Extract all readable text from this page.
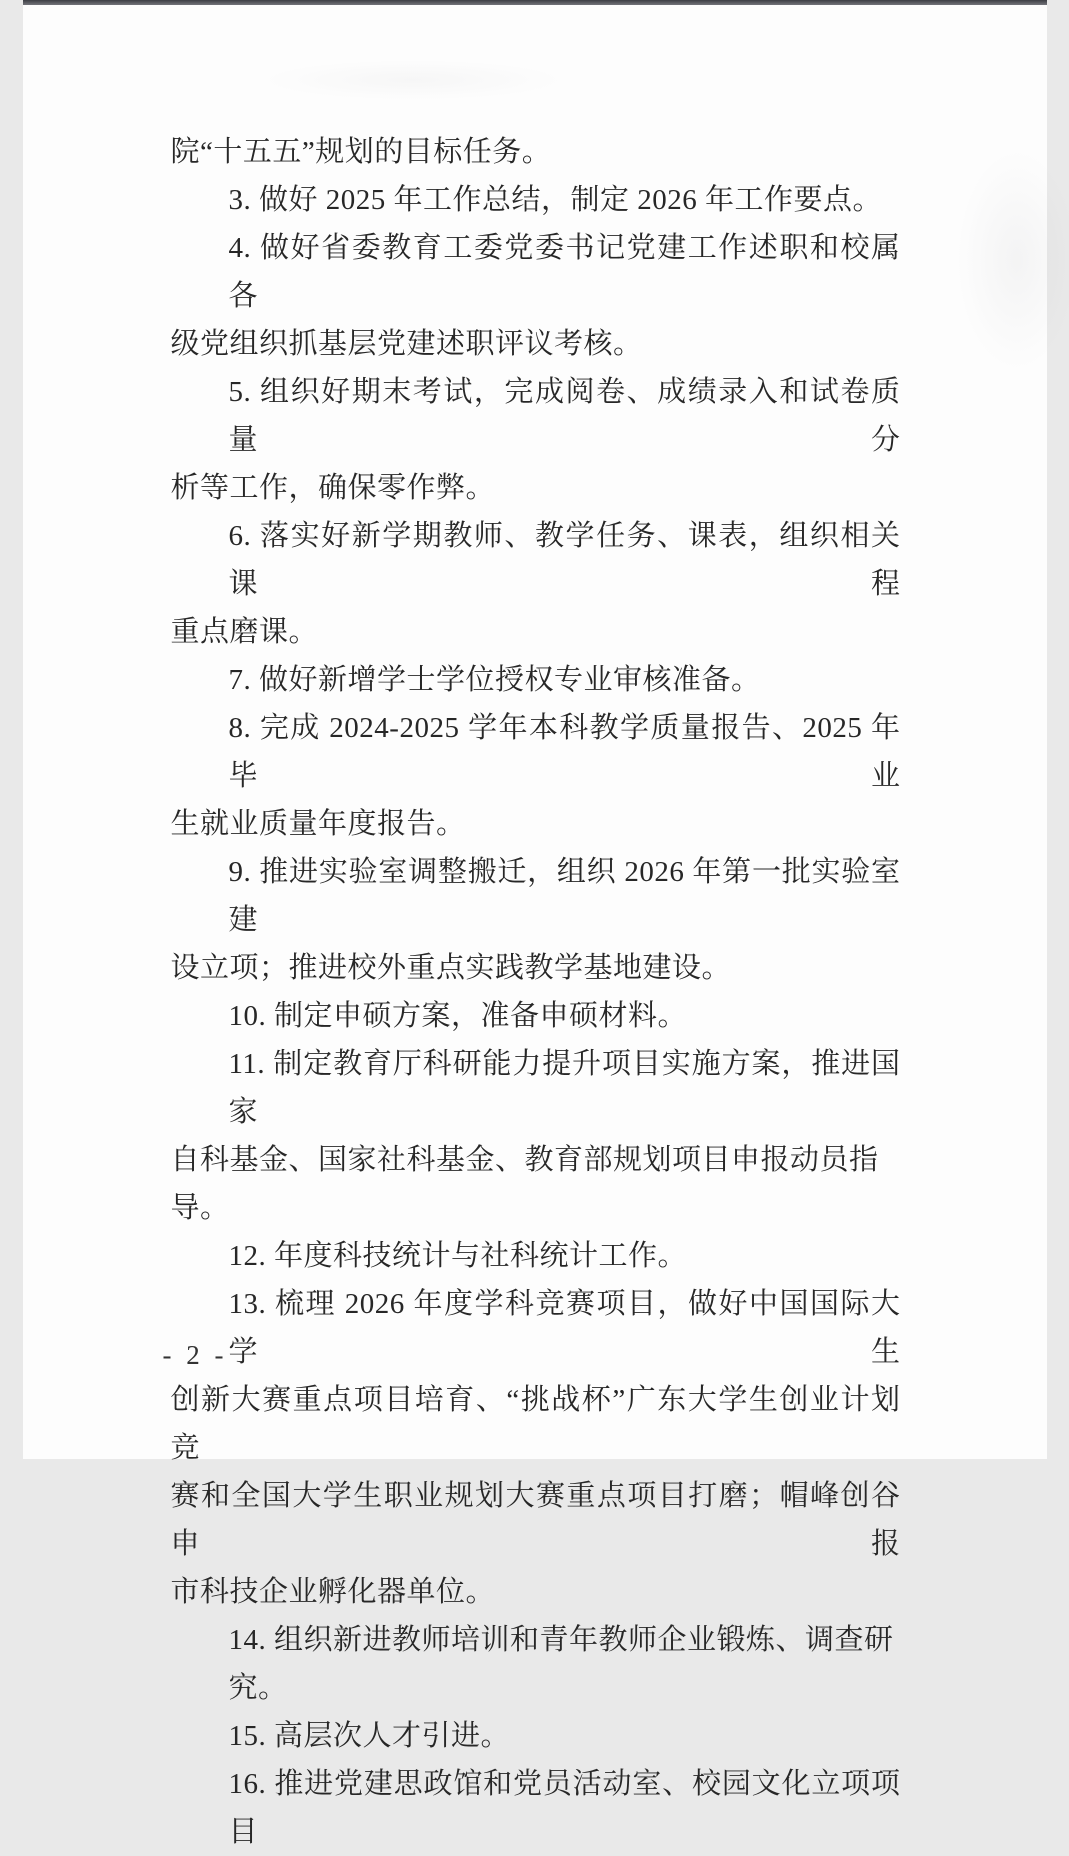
院“十五五”规划的目标任务。
3. 做好 2025 年工作总结，制定 2026 年工作要点。
4. 做好省委教育工委党委书记党建工作述职和校属各
级党组织抓基层党建述职评议考核。
5. 组织好期末考试，完成阅卷、成绩录入和试卷质量分
析等工作，确保零作弊。
6. 落实好新学期教师、教学任务、课表，组织相关课程
重点磨课。
7. 做好新增学士学位授权专业审核准备。
8. 完成 2024-2025 学年本科教学质量报告、2025 年毕业
生就业质量年度报告。
9. 推进实验室调整搬迁，组织 2026 年第一批实验室建
设立项；推进校外重点实践教学基地建设。
10. 制定申硕方案，准备申硕材料。
11. 制定教育厅科研能力提升项目实施方案，推进国家
自科基金、国家社科基金、教育部规划项目申报动员指导。
12. 年度科技统计与社科统计工作。
13. 梳理 2026 年度学科竞赛项目，做好中国国际大学生
创新大赛重点项目培育、“挑战杯”广东大学生创业计划竞
赛和全国大学生职业规划大赛重点项目打磨；帽峰创谷申报
市科技企业孵化器单位。
14. 组织新进教师培训和青年教师企业锻炼、调查研究。
15. 高层次人才引进。
16. 推进党建思政馆和党员活动室、校园文化立项项目
- 2 -
